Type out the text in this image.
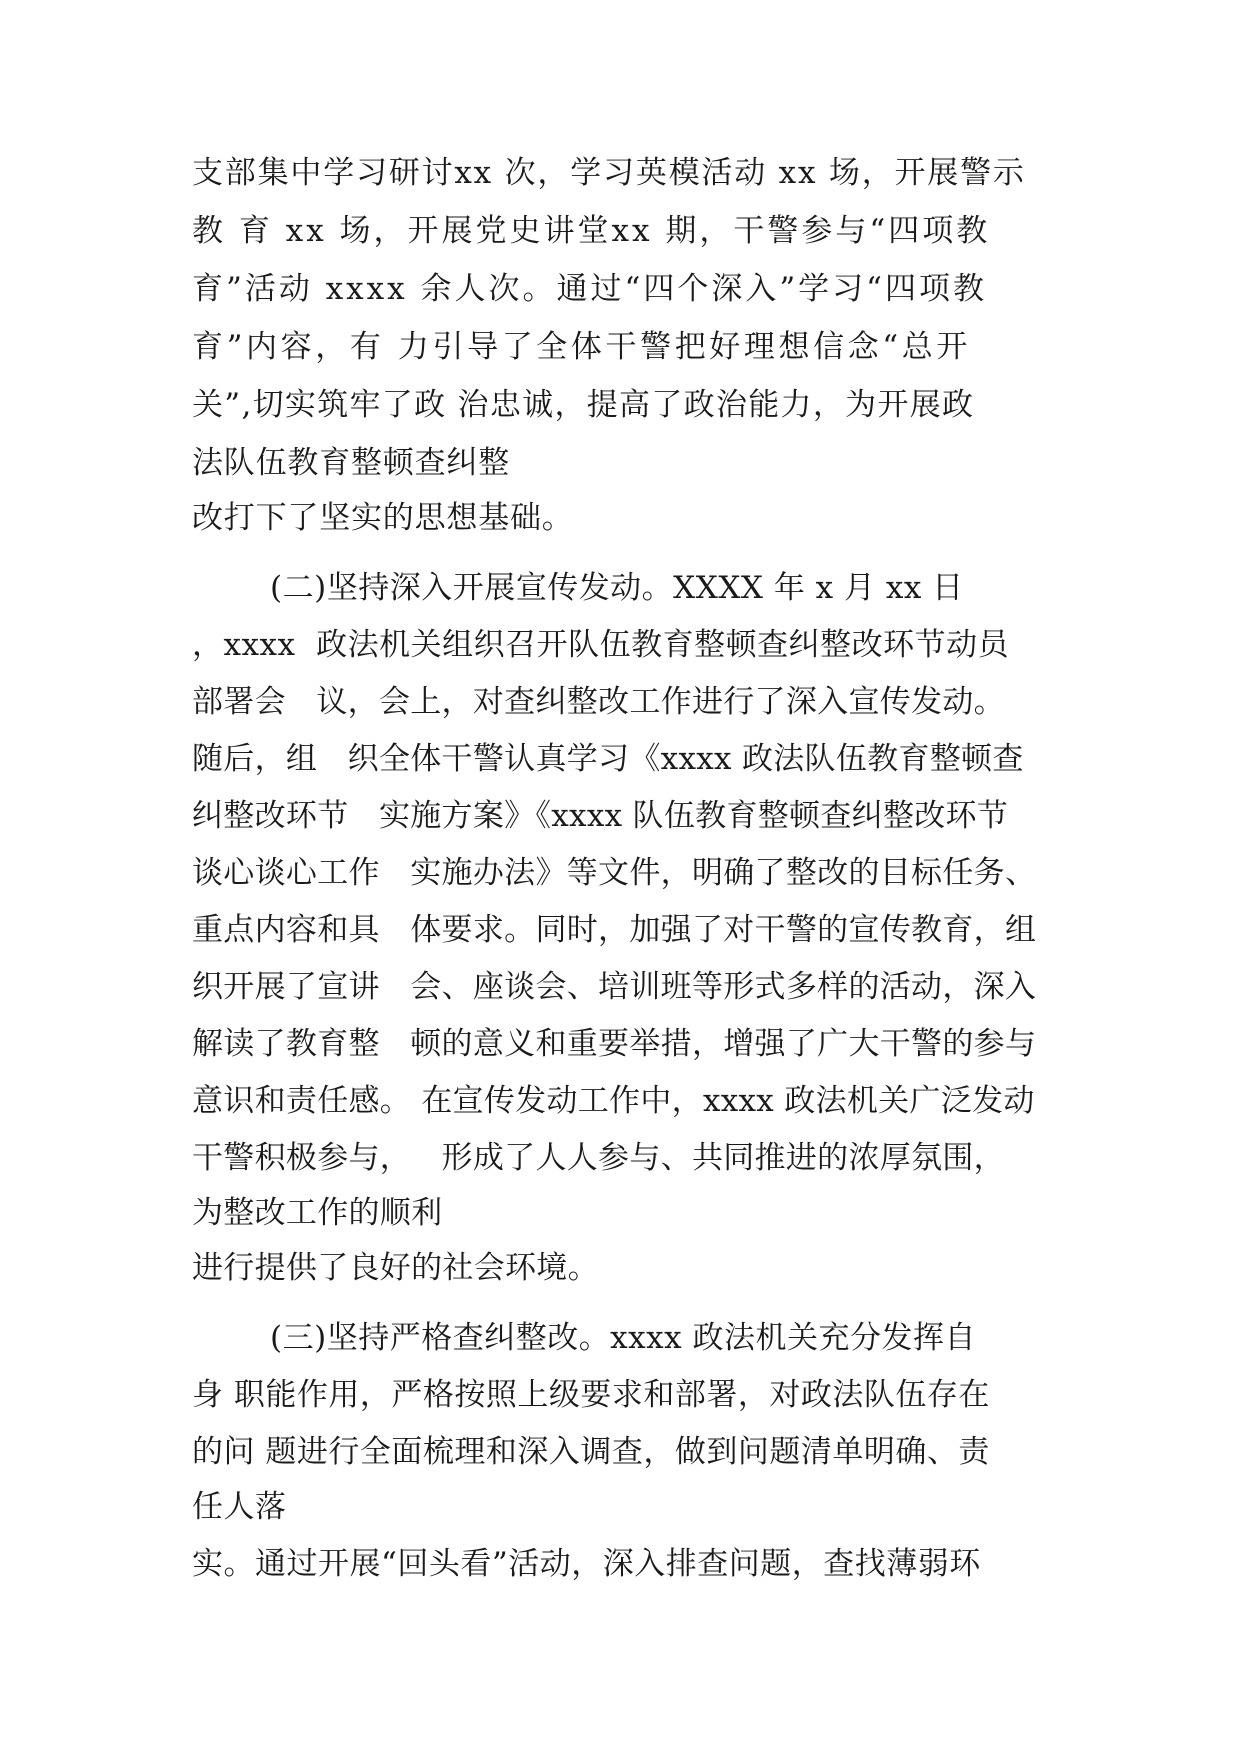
支部集中学习研讨xx 次，学习英模活动 xx 场，开展警示
教 育 xx 场，开展党史讲堂xx 期，干警参与“四项教
育”活动 xxxx 余人次。通过“四个深入”学习“四项教
育”内容，有 力引导了全体干警把好理想信念“总开
关”,切实筑牢了政 治忠诚，提高了政治能力，为开展政
法队伍教育整顿查纠整
改打下了坚实的思想基础。
(二)坚持深入开展宣传发动。XXXX 年 x 月 xx 日
，xxxx  政法机关组织召开队伍教育整顿查纠整改环节动员
部署会   议，会上，对查纠整改工作进行了深入宣传发动。
随后，组   织全体干警认真学习《xxxx 政法队伍教育整顿查
纠整改环节   实施方案》《xxxx 队伍教育整顿查纠整改环节
谈心谈心工作   实施办法》等文件，明确了整改的目标任务、
重点内容和具   体要求。同时，加强了对干警的宣传教育，组
织开展了宣讲   会、座谈会、培训班等形式多样的活动，深入
解读了教育整   顿的意义和重要举措，增强了广大干警的参与
意识和责任感。 在宣传发动工作中，xxxx 政法机关广泛发动
干警积极参与，   形成了人人参与、共同推进的浓厚氛围，
为整改工作的顺利
进行提供了良好的社会环境。
(三)坚持严格查纠整改。xxxx 政法机关充分发挥自
身 职能作用，严格按照上级要求和部署，对政法队伍存在
的问 题进行全面梳理和深入调查，做到问题清单明确、责
任人落
实。通过开展“回头看”活动，深入排查问题，查找薄弱环
